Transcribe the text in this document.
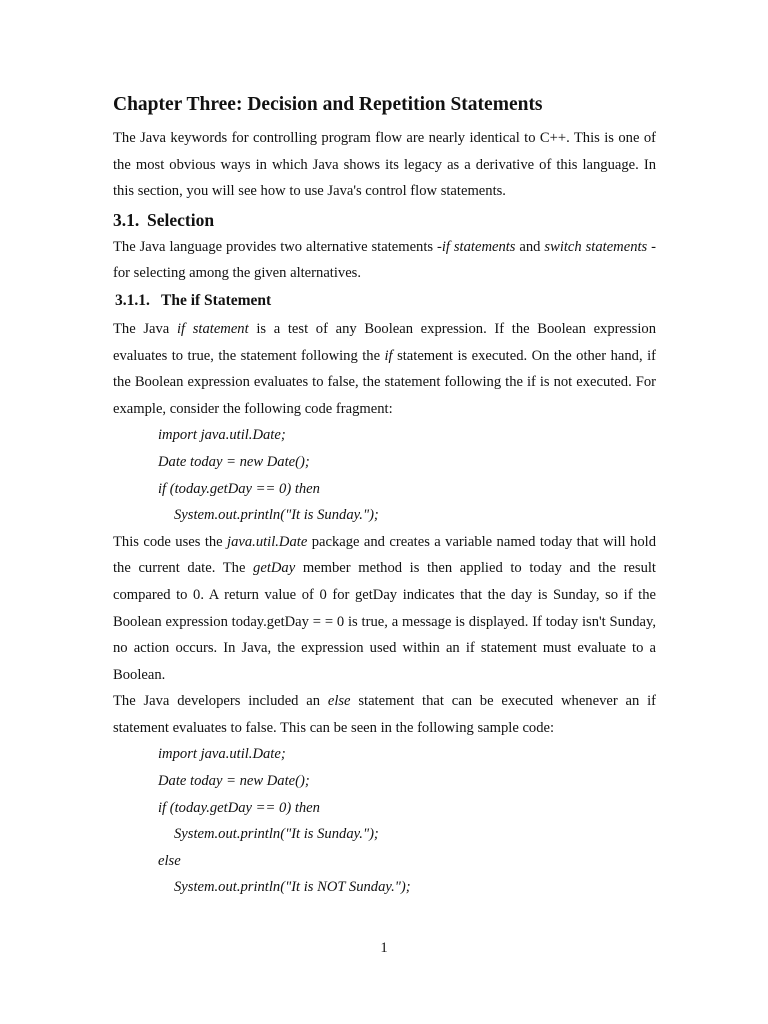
Chapter Three: Decision and Repetition Statements

The Java keywords for controlling program flow are nearly identical to C++. This is one of the most obvious ways in which Java shows its legacy as a derivative of this language. In this section, you will see how to use Java's control flow statements.

3.1. Selection

The Java language provides two alternative statements -if statements and switch statements - for selecting among the given alternatives.

3.1.1. The if Statement

The Java if statement is a test of any Boolean expression. If the Boolean expression evaluates to true, the statement following the if statement is executed. On the other hand, if the Boolean expression evaluates to false, the statement following the if is not executed. For example, consider the following code fragment:

import java.util.Date;
Date today = new Date();
if (today.getDay == 0) then
System.out.println("It is Sunday.");

This code uses the java.util.Date package and creates a variable named today that will hold the current date. The getDay member method is then applied to today and the result compared to 0. A return value of 0 for getDay indicates that the day is Sunday, so if the Boolean expression today.getDay = = 0 is true, a message is displayed. If today isn't Sunday, no action occurs. In Java, the expression used within an if statement must evaluate to a Boolean.

The Java developers included an else statement that can be executed whenever an if statement evaluates to false. This can be seen in the following sample code:

import java.util.Date;
Date today = new Date();
if (today.getDay == 0) then
System.out.println("It is Sunday.");
else
System.out.println("It is NOT Sunday.");
1
